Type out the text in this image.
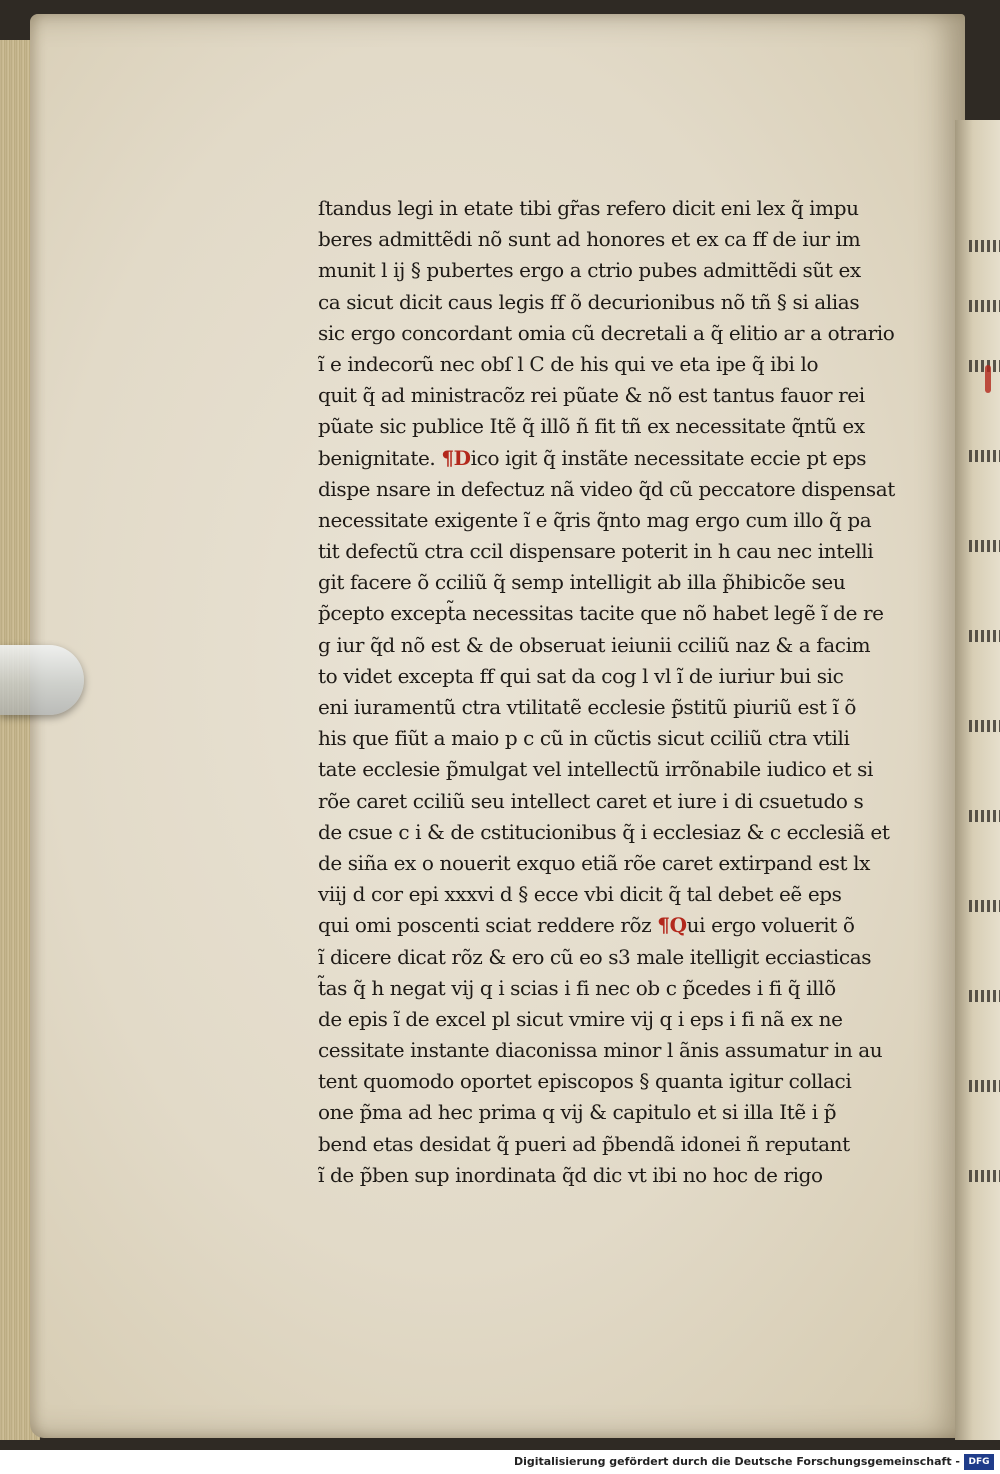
ſtandus legi in etate tibi gr̃as refero dicit eni lex q̃ impu
beres admittẽdi nõ sunt ad honores et ex ca ff de iur im
munit l ij § pubertes ergo a ctrio pubes admittẽdi sũt ex
ca sicut dicit caus legis ff õ decurionibus nõ tñ § si alias
sic ergo concordant omia cũ decretali a q̃ elitio ar a otrario
ĩ e indecorũ nec obſ l C de his qui ve eta ipe q̃ ibi lo
quit q̃ ad ministracõz rei pũate & nõ est tantus fauor rei
pũate sic publice Itẽ q̃ illõ ñ fit tñ ex necessitate q̃ntũ ex
benignitate. ¶Dico igit q̃ instãte necessitate eccie pt eps
dispe nsare in defectuz nã video q̃d cũ peccatore dispensat
necessitate exigente ĩ e q̃ris q̃nto mag ergo cum illo q̃ pa
tit defectũ ctra ccil dispensare poterit in h cau nec intelli
git facere õ cciliũ q̃ semp intelligit ab illa p̃hibicõe seu
p̃cepto except̃a necessitas tacite que nõ habet legẽ ĩ de re
g iur q̃d nõ est & de obseruat ieiunii cciliũ naz & a facim
to videt excepta ff qui sat da cog l vl ĩ de iuriur bui sic
eni iuramentũ ctra vtilitatẽ ecclesie p̃stitũ piuriũ est ĩ õ
his que fiũt a maio p c cũ in cũctis sicut cciliũ ctra vtili
tate ecclesie p̃mulgat vel intellectũ irrõnabile iudico et si
rõe caret cciliũ seu intellect caret et iure i di csuetudo s
de csue c i & de cstitucionibus q̃ i ecclesiaz & c ecclesiã et
de siña ex o nouerit exquo etiã rõe caret extirpand est lx
viij d cor epi xxxvi d § ecce vbi dicit q̃ tal debet eẽ eps
qui omi poscenti sciat reddere rõz ¶Qui ergo voluerit õ
ĩ dicere dicat rõz & ero cũ eo s3 male itelligit ecciasticas
t̃as q̃ h negat vij q i scias i fi nec ob c p̃cedes i fi q̃ illõ
de epis ĩ de excel pl sicut vmire vij q i eps i fi nã ex ne
cessitate instante diaconissa minor l ãnis assumatur in au
tent quomodo oportet episcopos § quanta igitur collaci
one p̃ma ad hec prima q vij & capitulo et si illa Itẽ i p̃
bend etas desidat q̃ pueri ad p̃bendã idonei ñ reputant
ĩ de p̃ben sup inordinata q̃d dic vt ibi no hoc de rigo
Digitalisierung gefördert durch die Deutsche Forschungsgemeinschaft - DFG
